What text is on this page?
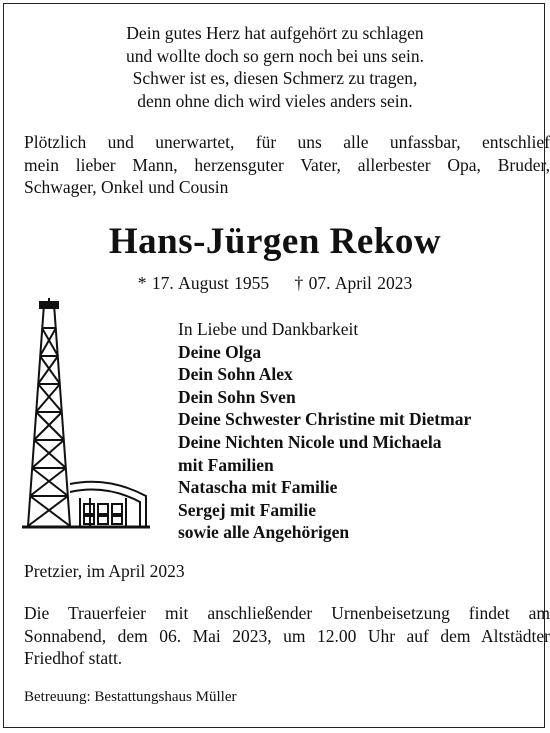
Dein gutes Herz hat aufgehört zu schlagen
und wollte doch so gern noch bei uns sein.
Schwer ist es, diesen Schmerz zu tragen,
denn ohne dich wird vieles anders sein.
Plötzlich und unerwartet, für uns alle unfassbar, entschlief
mein lieber Mann, herzensguter Vater, allerbester Opa, Bruder,
Schwager, Onkel und Cousin
Hans-Jürgen Rekow
* 17. August 1955 † 07. April 2023
In Liebe und Dankbarkeit
Deine Olga
Dein Sohn Alex
Dein Sohn Sven
Deine Schwester Christine mit Dietmar
Deine Nichten Nicole und Michaela
mit Familien
Natascha mit Familie
Sergej mit Familie
sowie alle Angehörigen
Pretzier, im April 2023
Die Trauerfeier mit anschließender Urnenbeisetzung findet am
Sonnabend, dem 06. Mai 2023, um 12.00 Uhr auf dem Altstädter
Friedhof statt.
Betreuung: Bestattungshaus Müller
